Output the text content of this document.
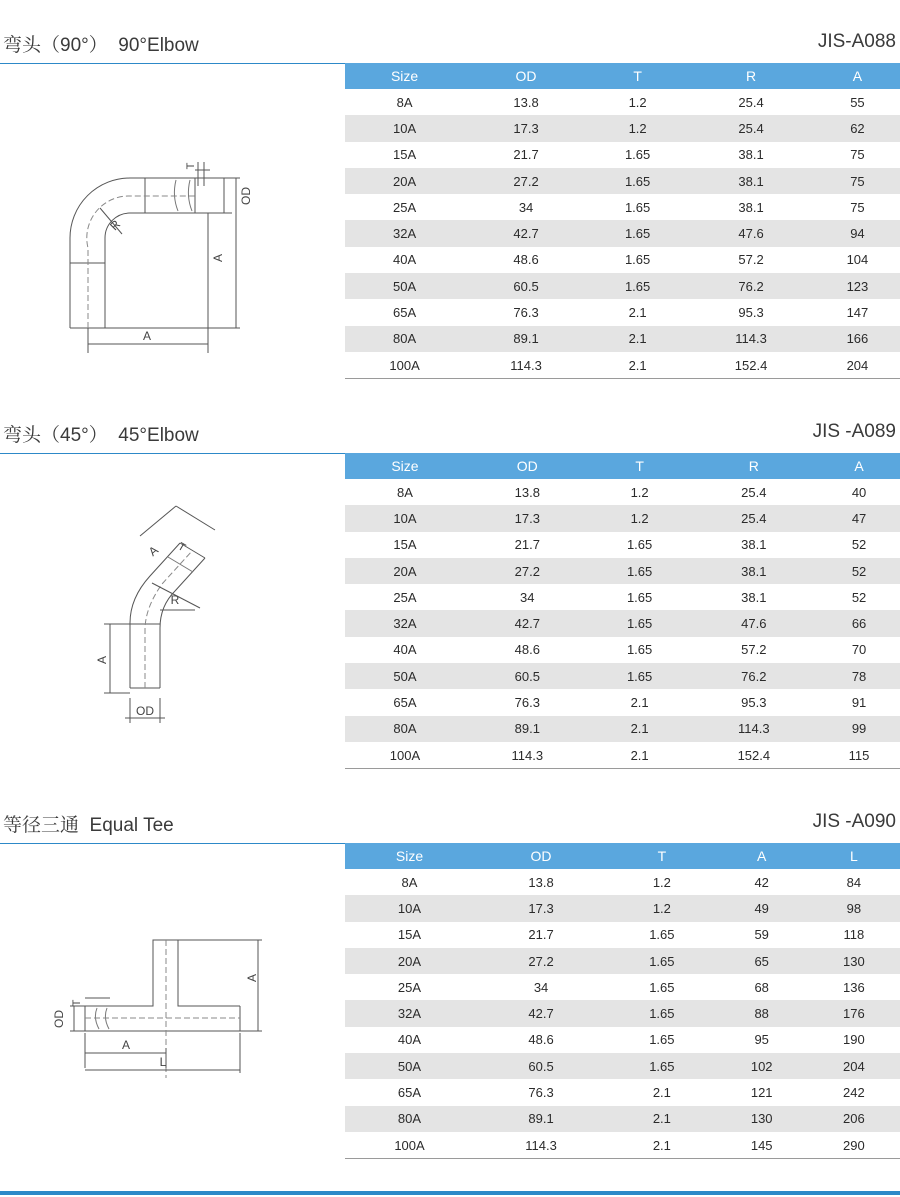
弯头（90°）  90°Elbow	JIS-A088
T
OD
R
A
A
Size	OD	T	R	A
8A	13.8	1.2	25.4	55
10A	17.3	1.2	25.4	62
15A	21.7	1.65	38.1	75
20A	27.2	1.65	38.1	75
25A	34	1.65	38.1	75
32A	42.7	1.65	47.6	94
40A	48.6	1.65	57.2	104
50A	60.5	1.65	76.2	123
65A	76.3	2.1	95.3	147
80A	89.1	2.1	114.3	166
100A	114.3	2.1	152.4	204
弯头（45°）  45°Elbow	JIS -A089
A T
R
A
OD
Size	OD	T	R	A
8A	13.8	1.2	25.4	40
10A	17.3	1.2	25.4	47
15A	21.7	1.65	38.1	52
20A	27.2	1.65	38.1	52
25A	34	1.65	38.1	52
32A	42.7	1.65	47.6	66
40A	48.6	1.65	57.2	70
50A	60.5	1.65	76.2	78
65A	76.3	2.1	95.3	91
80A	89.1	2.1	114.3	99
100A	114.3	2.1	152.4	115
等径三通  Equal Tee	JIS -A090
T
OD
A
A
L
Size	OD	T	A	L
8A	13.8	1.2	42	84
10A	17.3	1.2	49	98
15A	21.7	1.65	59	118
20A	27.2	1.65	65	130
25A	34	1.65	68	136
32A	42.7	1.65	88	176
40A	48.6	1.65	95	190
50A	60.5	1.65	102	204
65A	76.3	2.1	121	242
80A	89.1	2.1	130	206
100A	114.3	2.1	145	290
